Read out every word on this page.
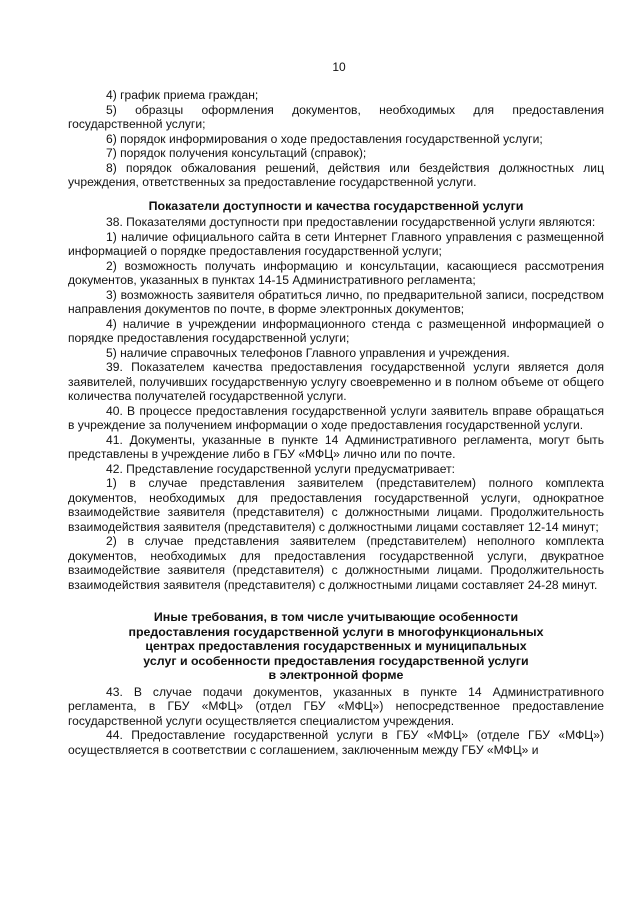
10

4) график приема граждан;

5) образцы оформления документов, необходимых для предоставления государственной услуги;

6) порядок информирования о ходе предоставления государственной услуги;

7) порядок получения консультаций (справок);

8) порядок обжалования решений, действия или бездействия должностных лиц учреждения, ответственных за предоставление государственной услуги.

Показатели доступности и качества государственной услуги

38. Показателями доступности при предоставлении государственной услуги являются:

1) наличие официального сайта в сети Интернет Главного управления с размещенной информацией о порядке предоставления государственной услуги;

2) возможность получать информацию и консультации, касающиеся рассмотрения документов, указанных в пунктах 14-15 Административного регламента;

3) возможность заявителя обратиться лично, по предварительной записи, посредством направления документов по почте, в форме электронных документов;

4) наличие в учреждении информационного стенда с размещенной информацией о порядке предоставления государственной услуги;

5) наличие справочных телефонов Главного управления и учреждения.

39. Показателем качества предоставления государственной услуги является доля заявителей, получивших государственную услугу своевременно и в полном объеме от общего количества получателей государственной услуги.

40. В процессе предоставления государственной услуги заявитель вправе обращаться в учреждение за получением информации о ходе предоставления государственной услуги.

41. Документы, указанные в пункте 14 Административного регламента, могут быть представлены в учреждение либо в ГБУ «МФЦ» лично или по почте.

42. Представление государственной услуги предусматривает:

1) в случае представления заявителем (представителем) полного комплекта документов, необходимых для предоставления государственной услуги, однократное взаимодействие заявителя (представителя) с должностными лицами. Продолжительность взаимодействия заявителя (представителя) с должностными лицами составляет 12-14 минут;

2) в случае представления заявителем (представителем) неполного комплекта документов, необходимых для предоставления государственной услуги, двукратное взаимодействие заявителя (представителя) с должностными лицами. Продолжительность взаимодействия заявителя (представителя) с должностными лицами составляет 24-28 минут.

Иные требования, в том числе учитывающие особенности
предоставления государственной услуги в многофункциональных
центрах предоставления государственных и муниципальных
услуг и особенности предоставления государственной услуги
в электронной форме

43. В случае подачи документов, указанных в пункте 14 Административного регламента, в ГБУ «МФЦ» (отдел ГБУ «МФЦ») непосредственное предоставление государственной услуги осуществляется специалистом учреждения.

44. Предоставление государственной услуги в ГБУ «МФЦ» (отделе ГБУ «МФЦ») осуществляется в соответствии с соглашением, заключенным между ГБУ «МФЦ» и
